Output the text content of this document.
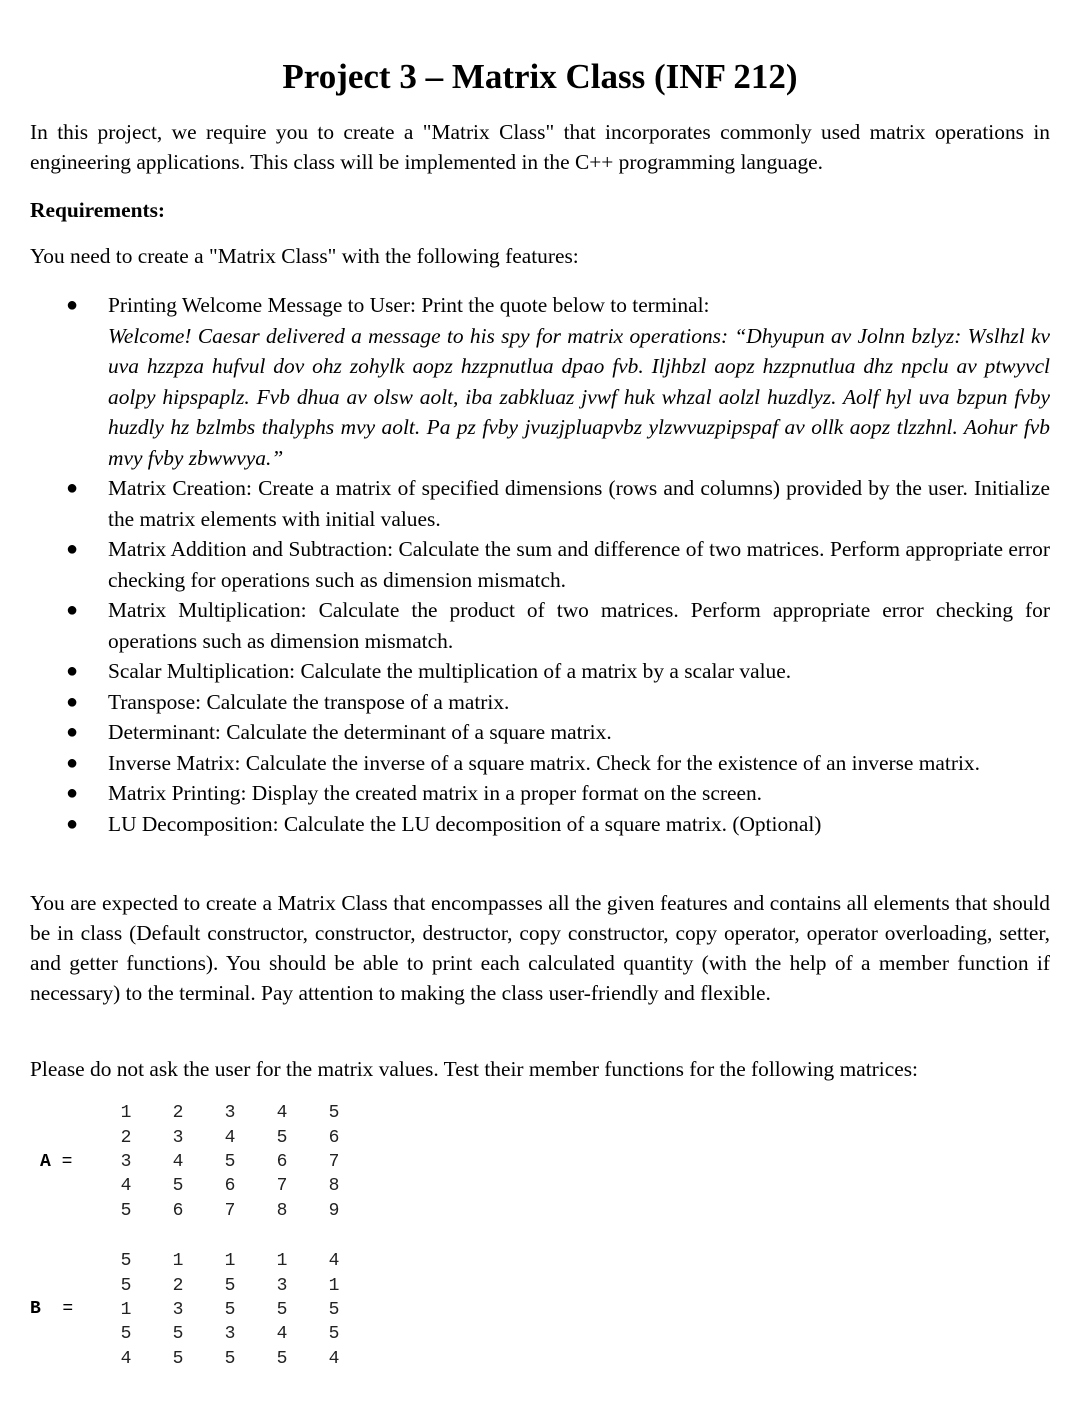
Project 3 – Matrix Class (INF 212)

In this project, we require you to create a "Matrix Class" that incorporates commonly used matrix operations in engineering applications. This class will be implemented in the C++ programming language.

Requirements:

You need to create a "Matrix Class" with the following features:

● Printing Welcome Message to User: Print the quote below to terminal:
Welcome! Caesar delivered a message to his spy for matrix operations: “Dhyupun av Jolnn bzlyz: Wslhzl kv uva hzzpza hufvul dov ohz zohylk aopz hzzpnutlua dpao fvb. Iljhbzl aopz hzzpnutlua dhz npclu av ptwyvcl aolpy hipspaplz. Fvb dhua av olsw aolt, iba zabkluaz jvwf huk whzal aolzl huzdlyz. Aolf hyl uva bzpun fvby huzdly hz bzlmbs thalyphs mvy aolt. Pa pz fvby jvuzjpluapvbz ylzwvuzpipspaf av ollk aopz tlzzhnl. Aohur fvb mvy fvby zbwwvya.”
● Matrix Creation: Create a matrix of specified dimensions (rows and columns) provided by the user. Initialize the matrix elements with initial values.
● Matrix Addition and Subtraction: Calculate the sum and difference of two matrices. Perform appropriate error checking for operations such as dimension mismatch.
● Matrix Multiplication: Calculate the product of two matrices. Perform appropriate error checking for operations such as dimension mismatch.
● Scalar Multiplication: Calculate the multiplication of a matrix by a scalar value.
● Transpose: Calculate the transpose of a matrix.
● Determinant: Calculate the determinant of a square matrix.
● Inverse Matrix: Calculate the inverse of a square matrix. Check for the existence of an inverse matrix.
● Matrix Printing: Display the created matrix in a proper format on the screen.
● LU Decomposition: Calculate the LU decomposition of a square matrix. (Optional)

You are expected to create a Matrix Class that encompasses all the given features and contains all elements that should be in class (Default constructor, constructor, destructor, copy constructor, copy operator, operator overloading, setter, and getter functions). You should be able to print each calculated quantity (with the help of a member function if necessary) to the terminal. Pay attention to making the class user-friendly and flexible.

Please do not ask the user for the matrix values. Test their member functions for the following matrices:

A =
1	2	3	4	5
2	3	4	5	6
3	4	5	6	7
4	5	6	7	8
5	6	7	8	9
B =
5	1	1	1	4
5	2	5	3	1
1	3	5	5	5
5	5	3	4	5
4	5	5	5	4
